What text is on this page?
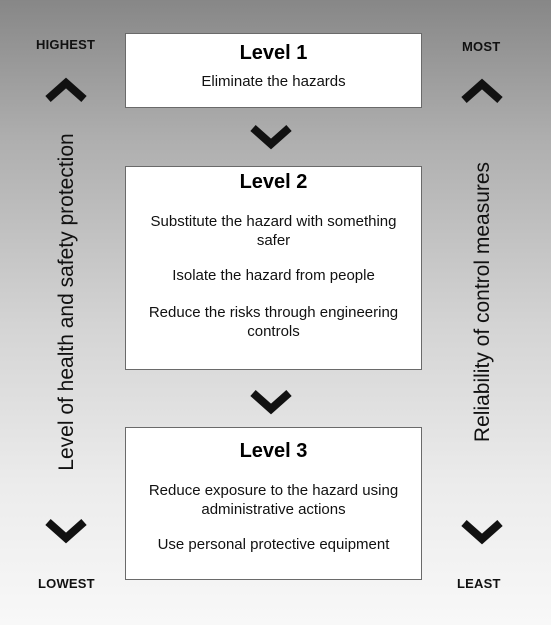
HIGHEST
Level of health and safety protection
LOWEST
MOST
Reliability of control measures
LEAST
Level 1
Eliminate the hazards
Level 2
Substitute the hazard with something safer
Isolate the hazard from people
Reduce the risks through engineering controls
Level 3
Reduce exposure to the hazard using administrative actions
Use personal protective equipment
